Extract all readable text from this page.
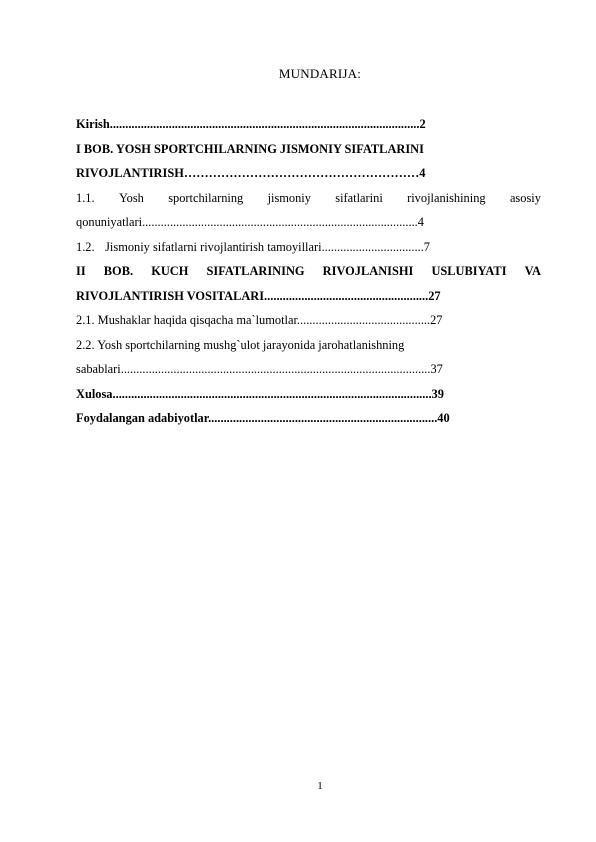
MUNDARIJA:
Kirish....................................................................................................2
I BOB. YOSH SPORTCHILARNING JISMONIY SIFATLARINI
RIVOJLANTIRISH…………………………………………………4
1.1. Yosh sportchilarning jismoniy sifatlarini rivojlanishining asosiy
qonuniyatlari.........................................................................................4
1.2. Jismoniy sifatlarni rivojlantirish tamoyillari.................................7
II BOB. KUCH SIFATLARINING RIVOJLANISHI USLUBIYATI VA
RIVOJLANTIRISH VOSITALARI.....................................................27
2.1. Mushaklar haqida qisqacha ma`lumotlar...........................................27
2.2. Yosh sportchilarning mushg`ulot jarayonida jarohatlanishning
sabablari....................................................................................................37
Xulosa.......................................................................................................39
Foydalangan adabiyotlar..........................................................................40
1
